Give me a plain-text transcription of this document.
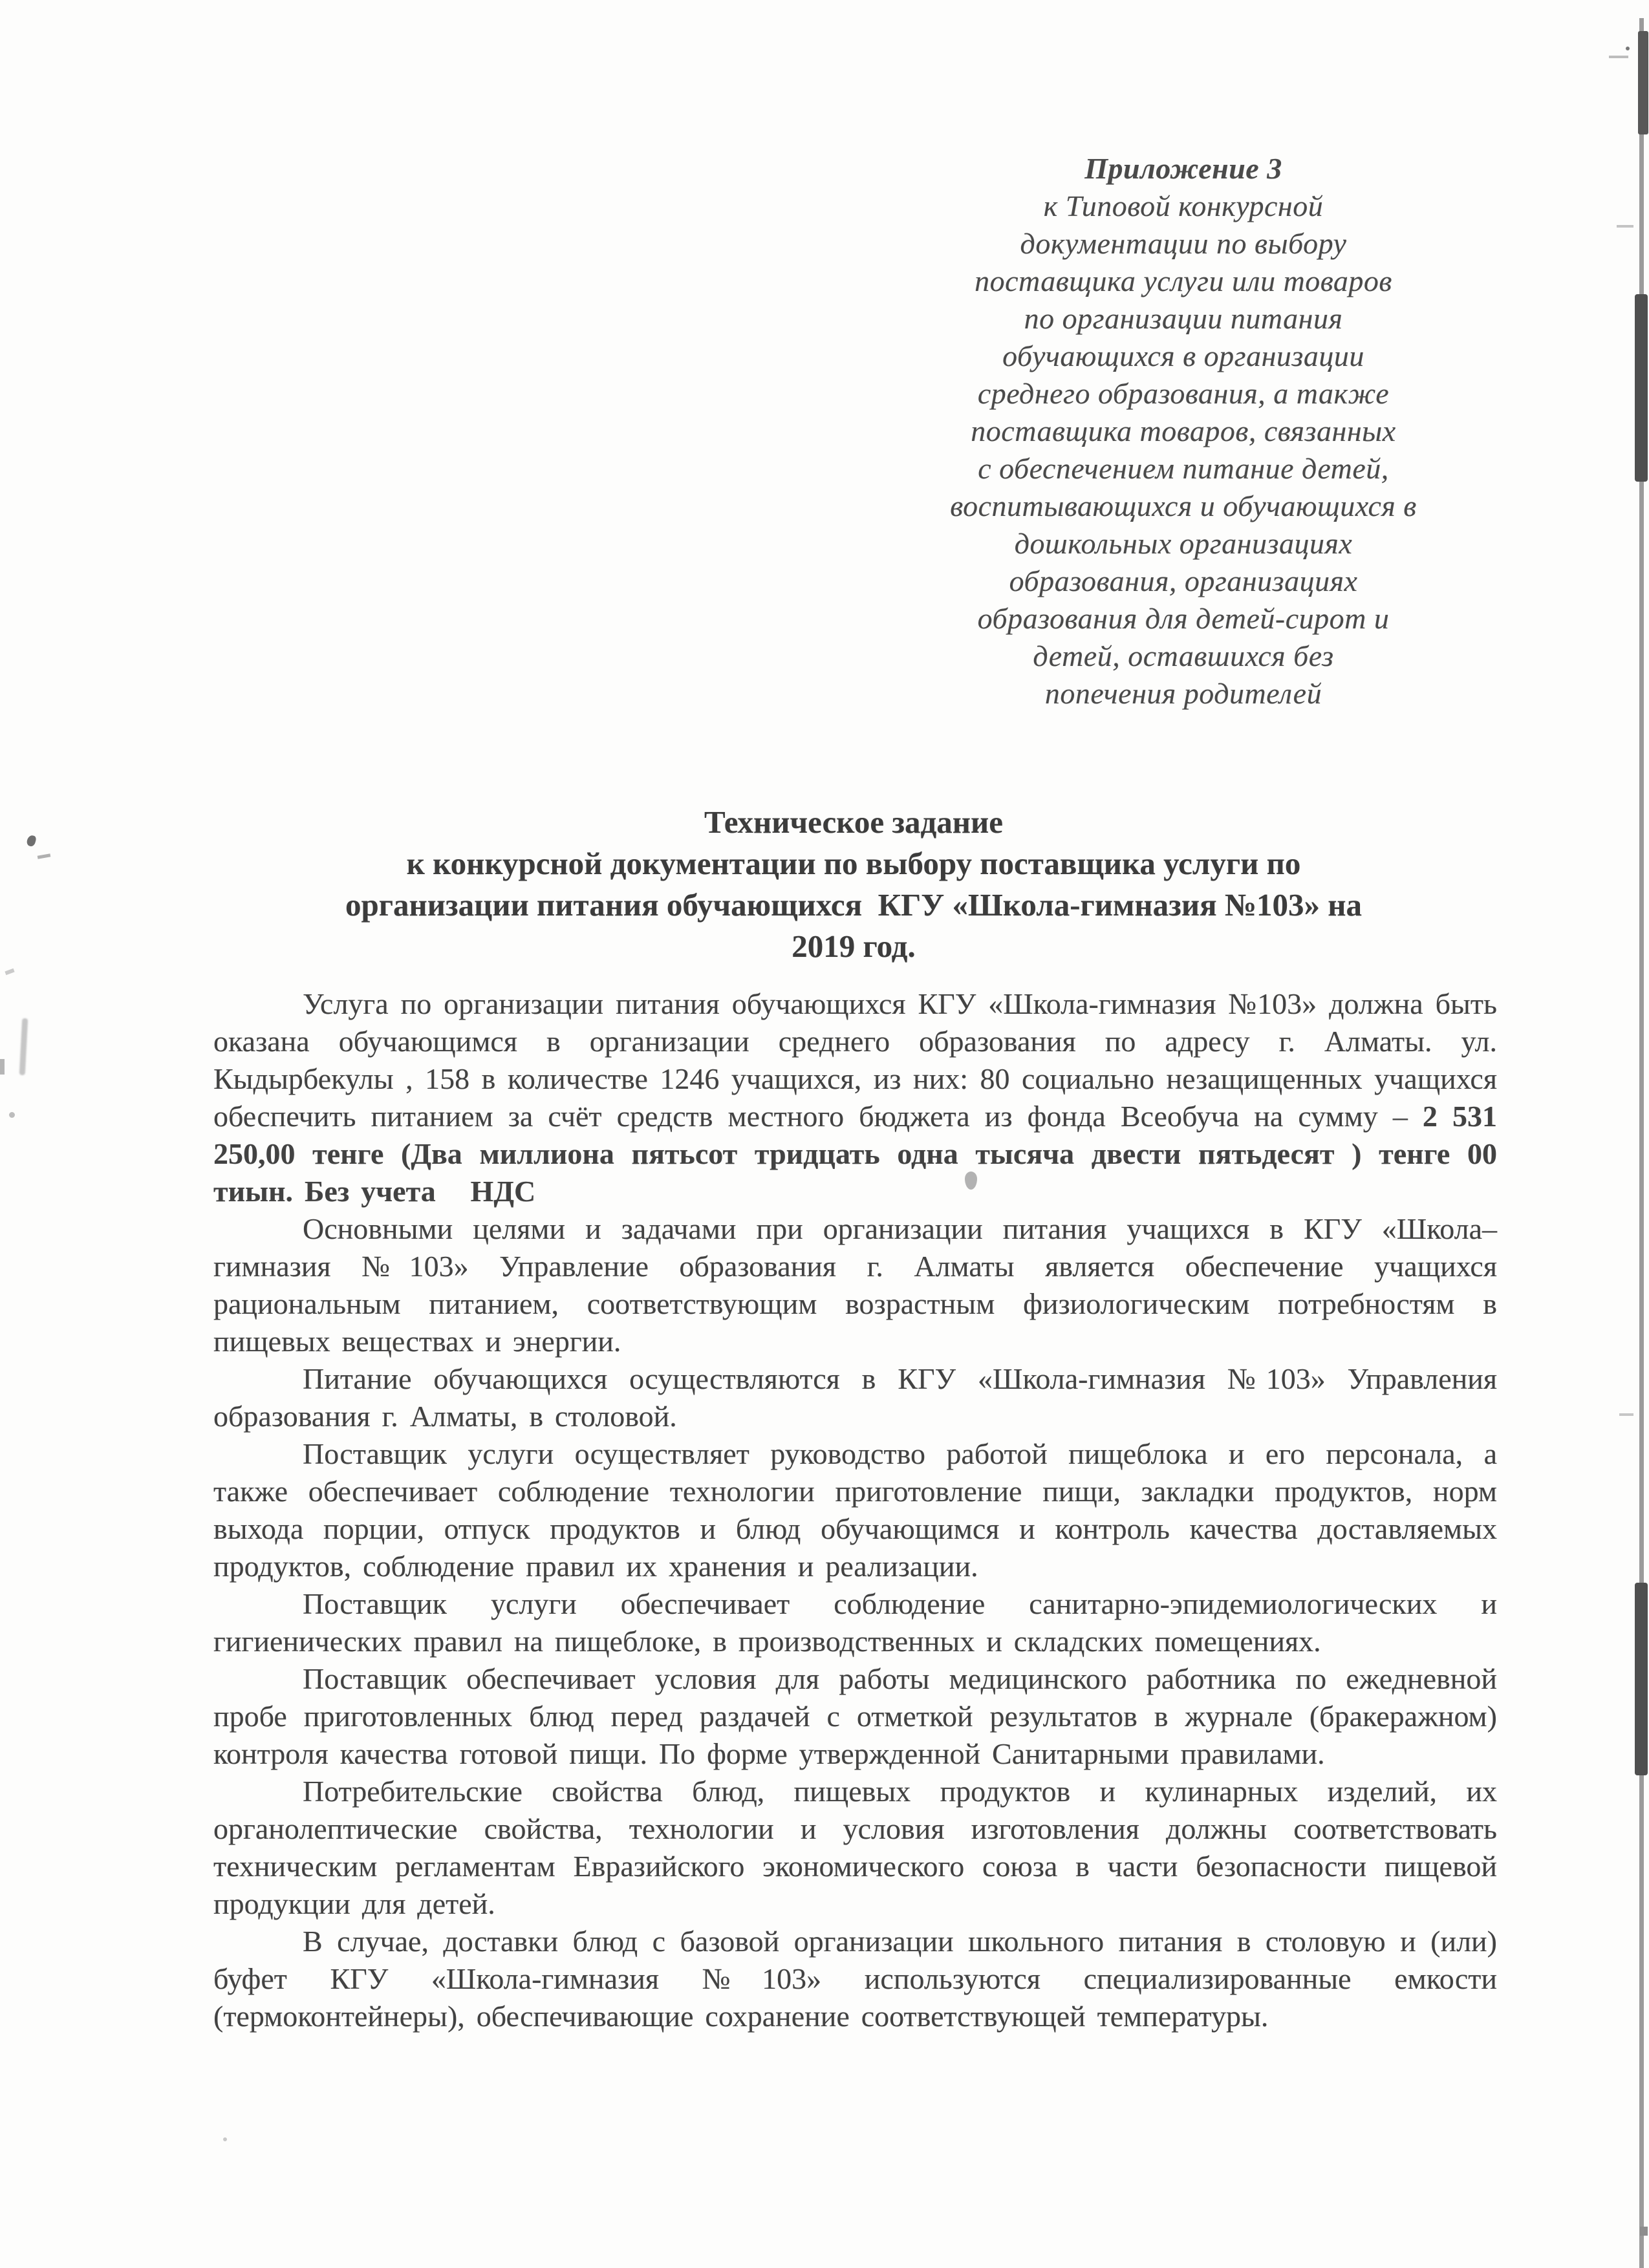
Приложение 3
к Типовой конкурсной
документации по выбору
поставщика услуги или товаров
по организации питания
обучающихся в организации
среднего образования, а также
поставщика товаров, связанных
с обеспечением питание детей,
воспитывающихся и обучающихся в
дошкольных организациях
образования, организациях
образования для детей-сирот и
детей, оставшихся без
попечения родителей
Техническое задание
к конкурсной документации по выбору поставщика услуги по
организации питания обучающихся  КГУ «Школа-гимназия №103» на
2019 год.

Услуга по организации питания обучающихся КГУ «Школа-гимназия №103» должна быть оказана обучающимся в организации среднего образования по адресу г. Алматы. ул. Кыдырбекулы , 158 в количестве 1246 учащихся, из них: 80 социально незащищенных учащихся обеспечить питанием за счёт средств местного бюджета из фонда Всеобуча на сумму – 2 531 250,00 тенге (Два миллиона пятьсот тридцать одна тысяча двести пятьдесят ) тенге 00 тиын. Без учета   НДС

Основными целями и задачами при организации питания учащихся в КГУ «Школа–гимназия №103» Управление образования г. Алматы является обеспечение учащихся рациональным питанием, соответствующим возрастным физиологическим потребностям в пищевых веществах и энергии.

Питание обучающихся осуществляются в КГУ «Школа-гимназия №103» Управления образования г. Алматы, в столовой.

Поставщик услуги осуществляет руководство работой пищеблока и его персонала, а также обеспечивает соблюдение технологии приготовление пищи, закладки продуктов, норм выхода порции, отпуск продуктов и блюд обучающимся и контроль качества доставляемых продуктов, соблюдение правил их хранения и реализации.

Поставщик услуги обеспечивает соблюдение санитарно-эпидемиологических и гигиенических правил на пищеблоке, в производственных и складских помещениях.

Поставщик обеспечивает условия для работы медицинского работника по ежедневной пробе приготовленных блюд перед раздачей с отметкой результатов в журнале (бракеражном) контроля качества готовой пищи. По форме утвержденной Санитарными правилами.

Потребительские свойства блюд, пищевых продуктов и кулинарных изделий, их органолептические свойства, технологии и условия изготовления должны соответствовать техническим регламентам Евразийского экономического союза в части безопасности пищевой продукции для детей.

В случае, доставки блюд с базовой организации школьного питания в столовую и (или) буфет КГУ «Школа-гимназия №103» используются специализированные емкости (термоконтейнеры), обеспечивающие сохранение соответствующей температуры.
